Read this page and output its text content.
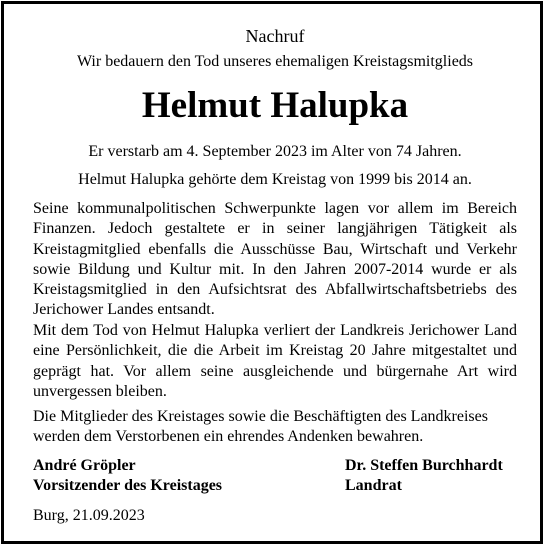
Nachruf
Wir bedauern den Tod unseres ehemaligen Kreistagsmitglieds
Helmut Halupka
Er verstarb am 4. September 2023 im Alter von 74 Jahren.
Helmut Halupka gehörte dem Kreistag von 1999 bis 2014 an.
Seine kommunalpolitischen Schwerpunkte lagen vor allem im Bereich Finanzen. Jedoch gestaltete er in seiner langjährigen Tätigkeit als Kreistagmitglied ebenfalls die Ausschüsse Bau, Wirtschaft und Verkehr sowie Bildung und Kultur mit. In den Jahren 2007-2014 wurde er als Kreistagsmitglied in den Aufsichtsrat des Abfallwirtschaftsbetriebs des Jerichower Landes entsandt.
Mit dem Tod von Helmut Halupka verliert der Landkreis Jerichower Land eine Persönlichkeit, die die Arbeit im Kreistag 20 Jahre mitgestaltet und geprägt hat. Vor allem seine ausgleichende und bürgernahe Art wird unvergessen bleiben.
Die Mitglieder des Kreistages sowie die Beschäftigten des Landkreises werden dem Verstorbenen ein ehrendes Andenken bewahren.
André Gröpler
Vorsitzender des Kreistages
Dr. Steffen Burchhardt
Landrat
Burg, 21.09.2023
